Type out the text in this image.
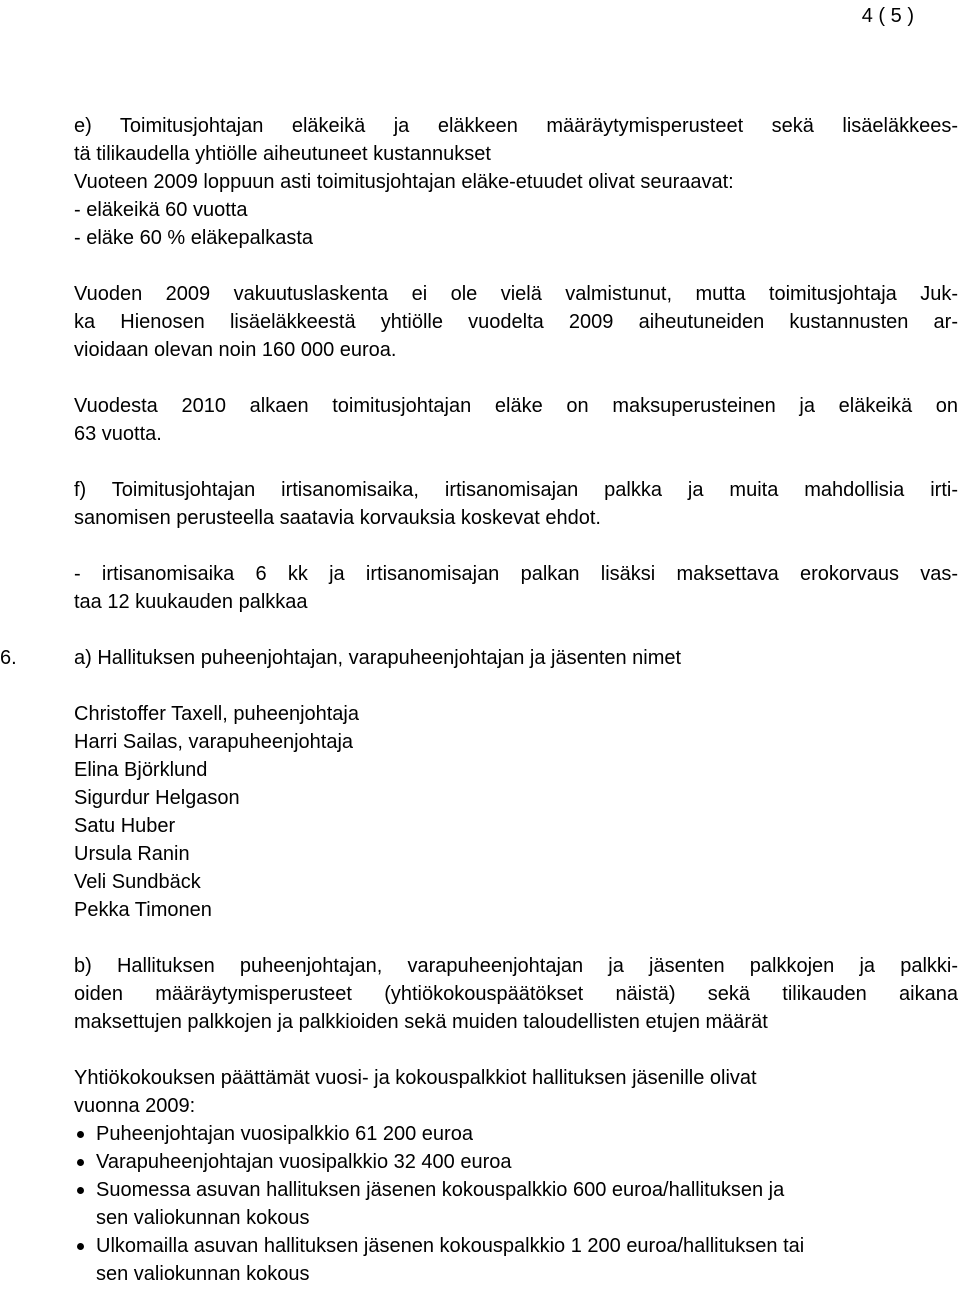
4 ( 5 )
e) Toimitusjohtajan eläkeikä ja eläkkeen määräytymisperusteet sekä lisäeläkkees-
tä tilikaudella yhtiölle aiheutuneet kustannukset
Vuoteen 2009 loppuun asti toimitusjohtajan eläke-etuudet olivat seuraavat:
- eläkeikä 60 vuotta
- eläke 60 % eläkepalkasta
Vuoden 2009 vakuutuslaskenta ei ole vielä valmistunut, mutta toimitusjohtaja Juk-
ka Hienosen lisäeläkkeestä yhtiölle vuodelta 2009 aiheutuneiden kustannusten ar-
vioidaan olevan noin 160 000 euroa.
Vuodesta 2010 alkaen toimitusjohtajan eläke on maksuperusteinen ja eläkeikä on
63 vuotta.
f) Toimitusjohtajan irtisanomisaika, irtisanomisajan palkka ja muita mahdollisia irti-
sanomisen perusteella saatavia korvauksia koskevat ehdot.
- irtisanomisaika 6 kk ja irtisanomisajan palkan lisäksi maksettava erokorvaus vas-
taa 12 kuukauden palkkaa
6.	a) Hallituksen puheenjohtajan, varapuheenjohtajan ja jäsenten nimet
Christoffer Taxell, puheenjohtaja
Harri Sailas, varapuheenjohtaja
Elina Björklund
Sigurdur Helgason
Satu Huber
Ursula Ranin
Veli Sundbäck
Pekka Timonen
b) Hallituksen puheenjohtajan, varapuheenjohtajan ja jäsenten palkkojen ja palkki-
oiden määräytymisperusteet (yhtiökokouspäätökset näistä) sekä tilikauden aikana
maksettujen palkkojen ja palkkioiden sekä muiden taloudellisten etujen määrät
Yhtiökokouksen päättämät vuosi- ja kokouspalkkiot hallituksen jäsenille olivat
vuonna 2009:
Puheenjohtajan vuosipalkkio 61 200 euroa
Varapuheenjohtajan vuosipalkkio 32 400 euroa
Suomessa asuvan hallituksen jäsenen kokouspalkkio 600 euroa/hallituksen ja
sen valiokunnan kokous
Ulkomailla asuvan hallituksen jäsenen kokouspalkkio 1 200 euroa/hallituksen tai
sen valiokunnan kokous
